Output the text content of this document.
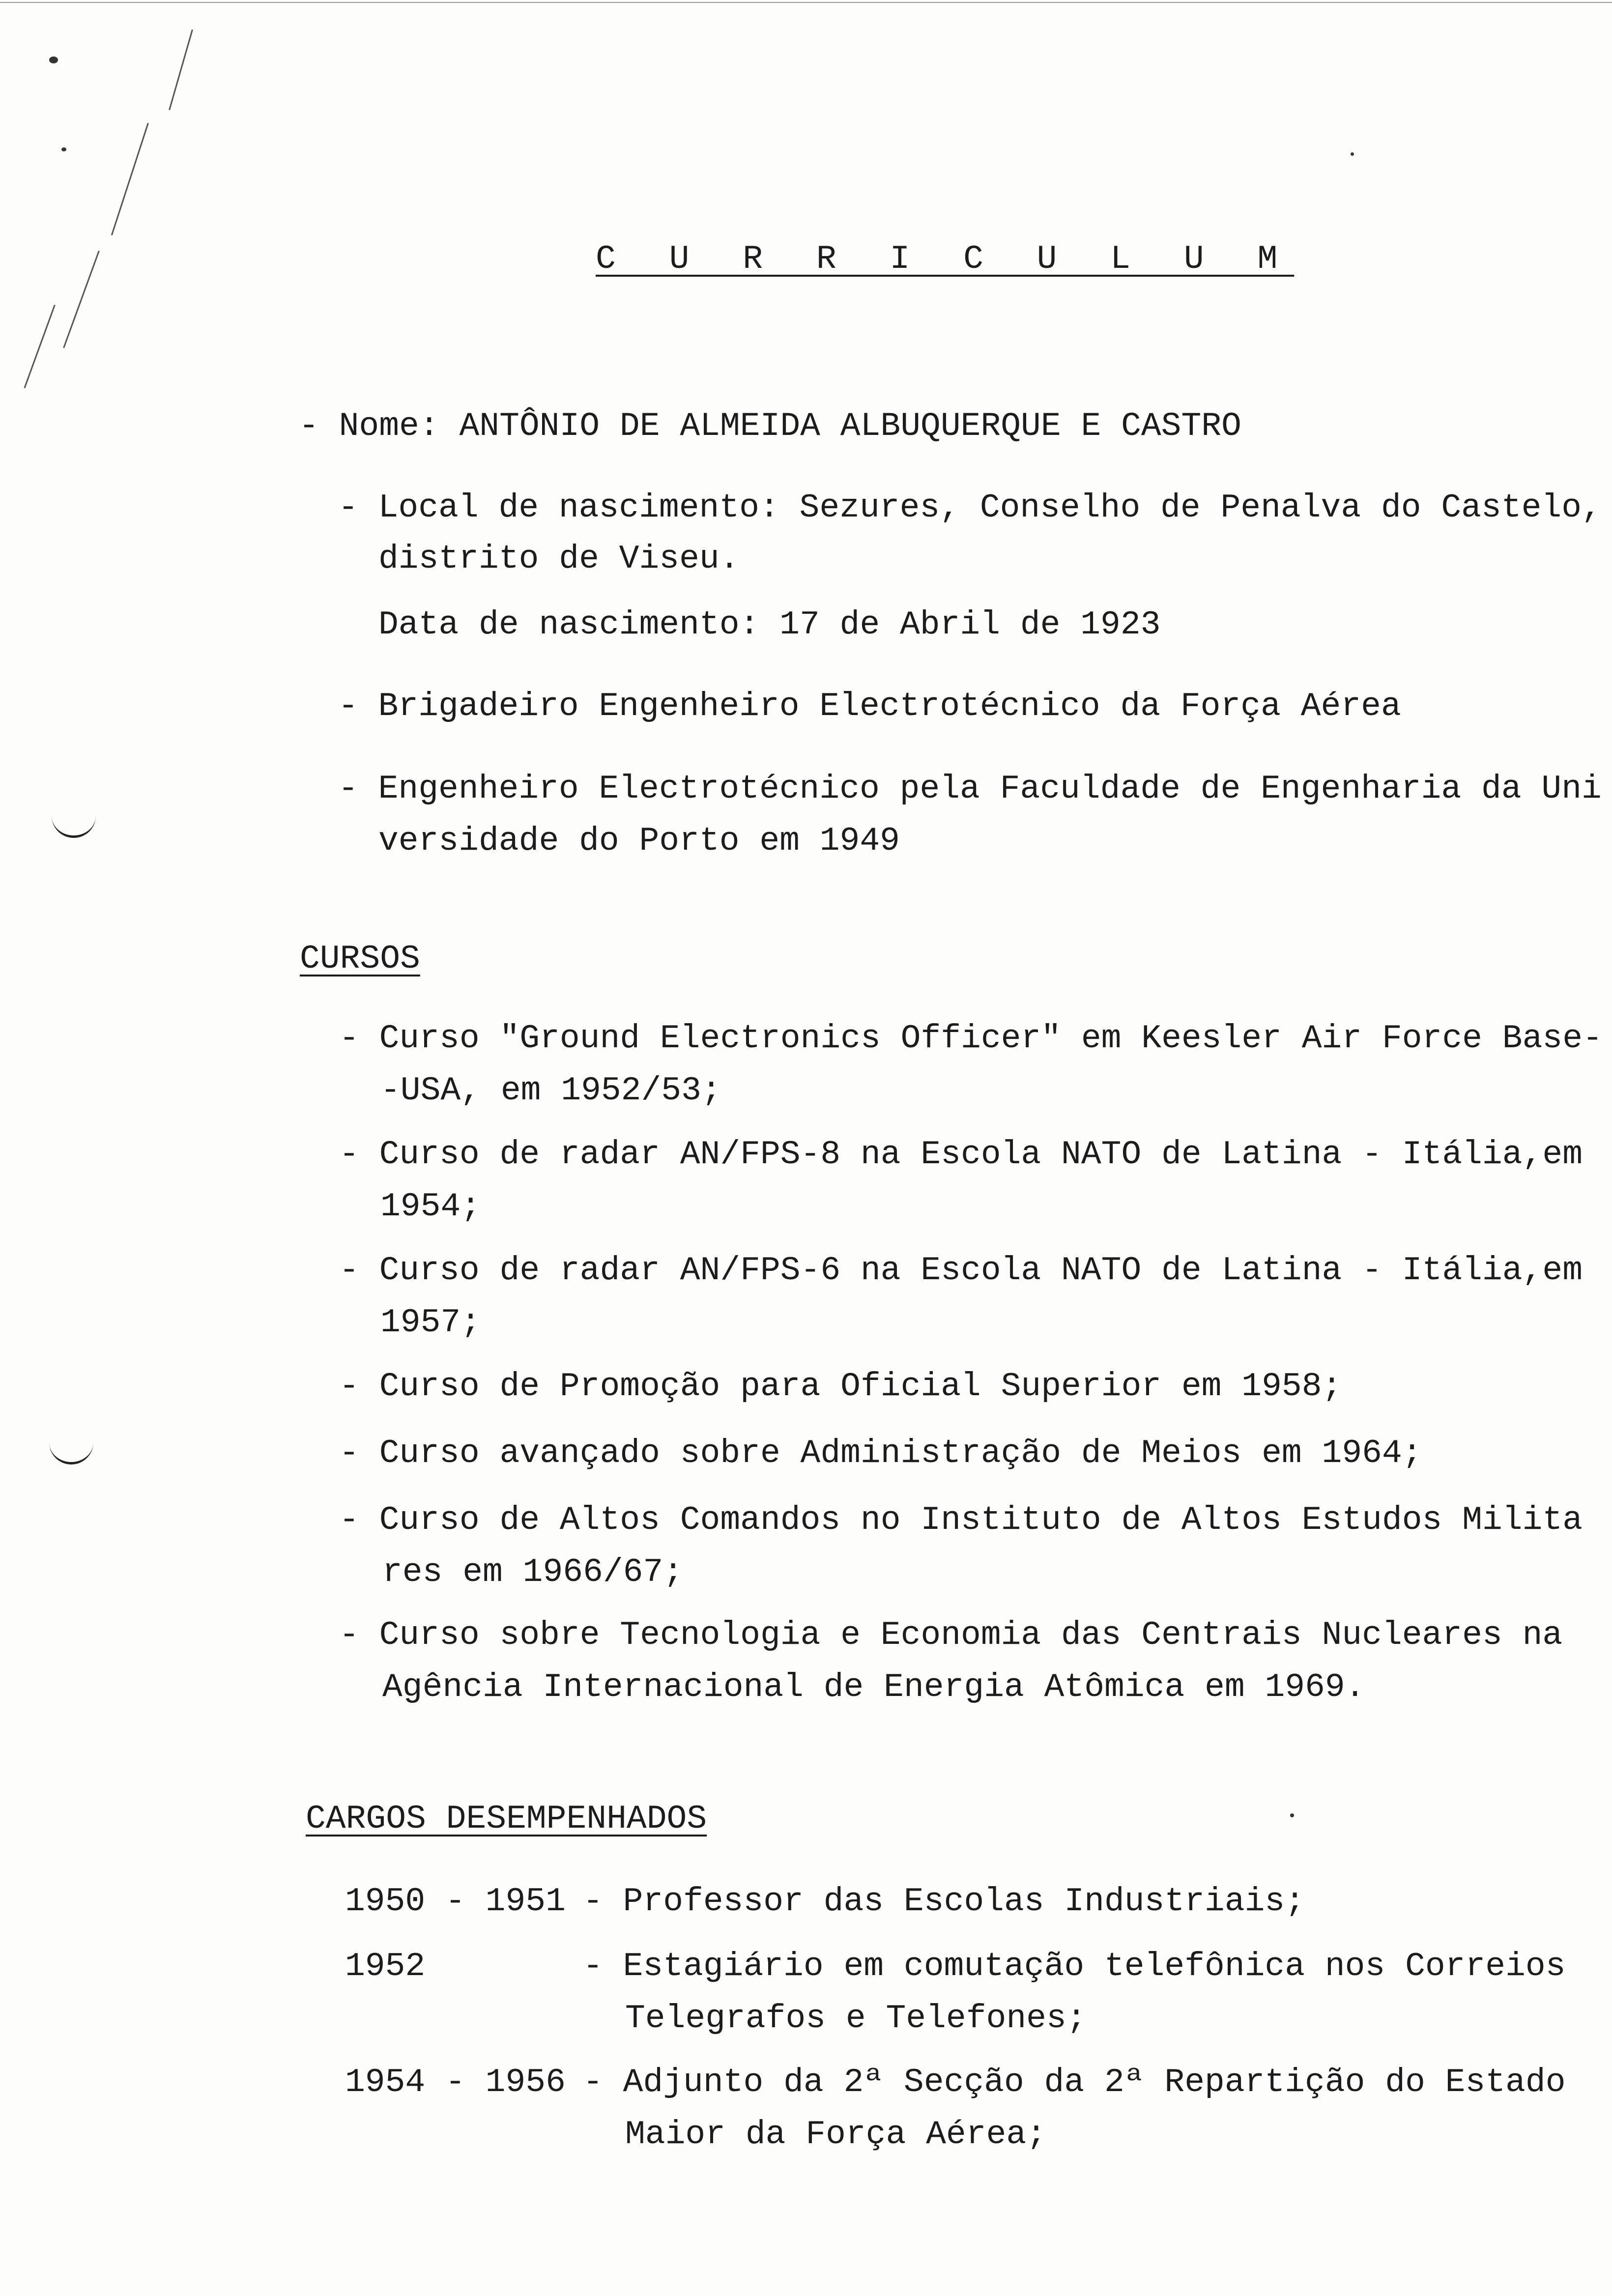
C U R R I C U L U M
- Nome: ANTÔNIO DE ALMEIDA ALBUQUERQUE E CASTRO
- Local de nascimento: Sezures, Conselho de Penalva do Castelo,
distrito de Viseu.
Data de nascimento: 17 de Abril de 1923
- Brigadeiro Engenheiro Electrotécnico da Força Aérea
- Engenheiro Electrotécnico pela Faculdade de Engenharia da Uni
versidade do Porto em 1949
CURSOS
- Curso "Ground Electronics Officer" em Keesler Air Force Base-
-USA, em 1952/53;
- Curso de radar AN/FPS-8 na Escola NATO de Latina - Itália,em
1954;
- Curso de radar AN/FPS-6 na Escola NATO de Latina - Itália,em
1957;
- Curso de Promoção para Oficial Superior em 1958;
- Curso avançado sobre Administração de Meios em 1964;
- Curso de Altos Comandos no Instituto de Altos Estudos Milita
res em 1966/67;
- Curso sobre Tecnologia e Economia das Centrais Nucleares na
Agência Internacional de Energia Atômica em 1969.
CARGOS DESEMPENHADOS
1950 - 1951 - Professor das Escolas Industriais;
1952	- Estagiário em comutação telefônica nos Correios
Telegrafos e Telefones;
1954 - 1956 - Adjunto da 2ª Secção da 2ª Repartição do Estado
Maior da Força Aérea;
